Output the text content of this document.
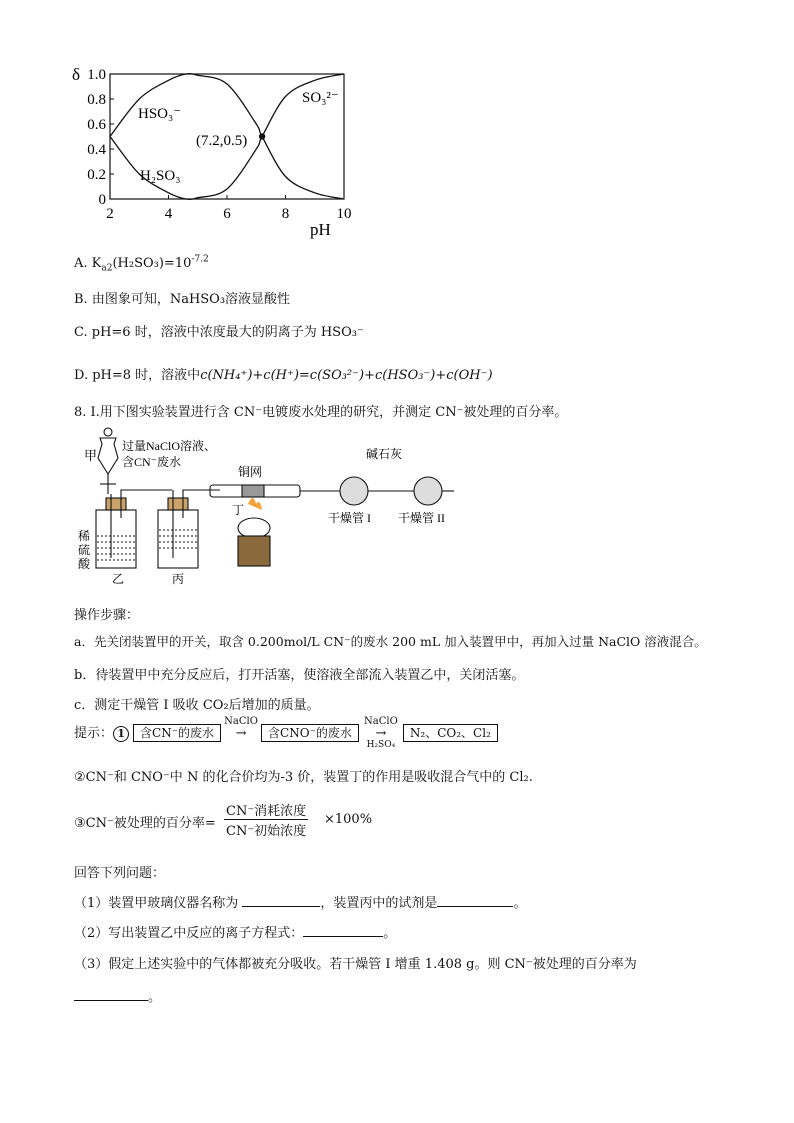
δ
0
0.2
0.4
0.6
0.8
1.0
2	4	6	8	10
(7.2,0.5)
HSO₃⁻
H₂SO₃
SO₃²⁻
pH
A. $K_{a2}(H_2SO_3)=10^{-7.2}$
B. 由图象可知，NaHSO₃溶液显酸性
C. pH=6 时，溶液中浓度最大的阴离子为 HSO₃⁻
D. pH=8 时，溶液中c(NH₄⁺)+c(H⁺)=c(SO₃²⁻)+c(HSO₃⁻)+c(OH⁻)
8. Ⅰ.用下图实验装置进行含 CN⁻电镀废水处理的研究，并测定 CN⁻被处理的百分率。
甲
过量NaClO溶液、
含CN⁻废水
铜网
丁
碱石灰
干燥管 I 干燥管 II
稀
硫
酸
乙	丙
操作步骤：
a．先关闭装置甲的开关，取含 0.200mol/L CN⁻的废水 200 mL 加入装置甲中，再加入过量 NaClO 溶液混合。
b．待装置甲中充分反应后，打开活塞，使溶液全部流入装置乙中，关闭活塞。
c．测定干燥管 I 吸收 CO₂后增加的质量。
提示： 1 含CN⁻的废水
NaClO
→ 含CNO⁻的废水
NaClO
→
H₂SO₄
N₂、CO₂、Cl₂
②CN⁻和 CNO⁻中 N 的化合价均为-3 价，装置丁的作用是吸收混合气中的 Cl₂.
③CN⁻被处理的百分率=
CN⁻消耗浓度
CN⁻初始浓度
×100%
回答下列问题：
（1）装置甲玻璃仪器名称为	，装置丙中的试剂是	。
（2）写出装置乙中反应的离子方程式：	。
（3）假定上述实验中的气体都被充分吸收。若干燥管 I 增重 1.408 g。则 CN⁻被处理的百分率为
。
